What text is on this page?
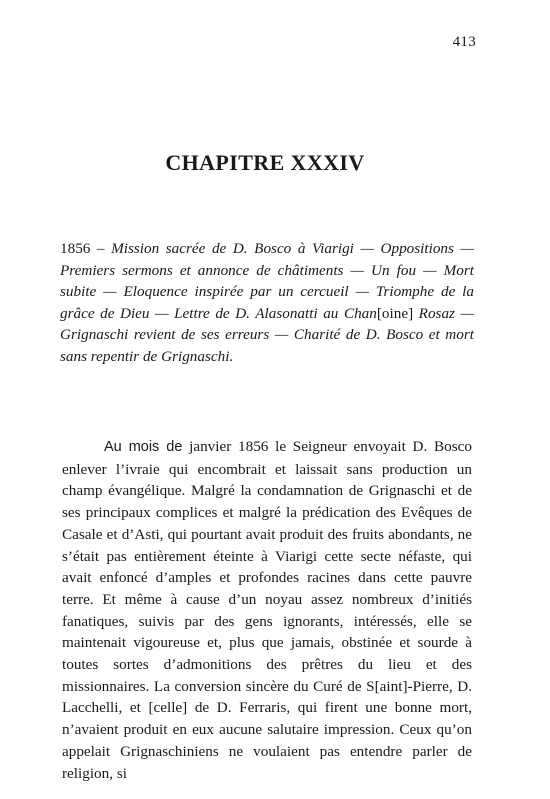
413
CHAPITRE XXXIV

1856 – Mission sacrée de D. Bosco à Viarigi — Oppositions — Premiers sermons et annonce de châtiments — Un fou — Mort subite — Eloquence inspirée par un cercueil — Triomphe de la grâce de Dieu — Lettre de D. Alasonatti au Chan[oine] Rosaz — Grignaschi revient de ses erreurs — Charité de D. Bosco et mort sans repentir de Grignaschi.

Au mois de janvier 1856 le Seigneur envoyait D. Bosco enlever l’ivraie qui encombrait et laissait sans production un champ évangélique. Malgré la condamnation de Grignaschi et de ses principaux complices et malgré la prédication des Evêques de Casale et d’Asti, qui pourtant avait produit des fruits abondants, ne s’était pas entièrement éteinte à Viarigi cette secte néfaste, qui avait enfoncé d’amples et profondes racines dans cette pauvre terre. Et même à cause d’un noyau assez nombreux d’initiés fanatiques, suivis par des gens ignorants, intéressés, elle se maintenait vigoureuse et, plus que jamais, obstinée et sourde à toutes sortes d’admonitions des prêtres du lieu et des missionnaires. La conversion sincère du Curé de S[aint]-Pierre, D. Lacchelli, et [celle] de D. Ferraris, qui firent une bonne mort, n’avaient produit en eux aucune salutaire impression. Ceux qu’on appelait Grignaschiniens ne voulaient pas entendre parler de religion, si
